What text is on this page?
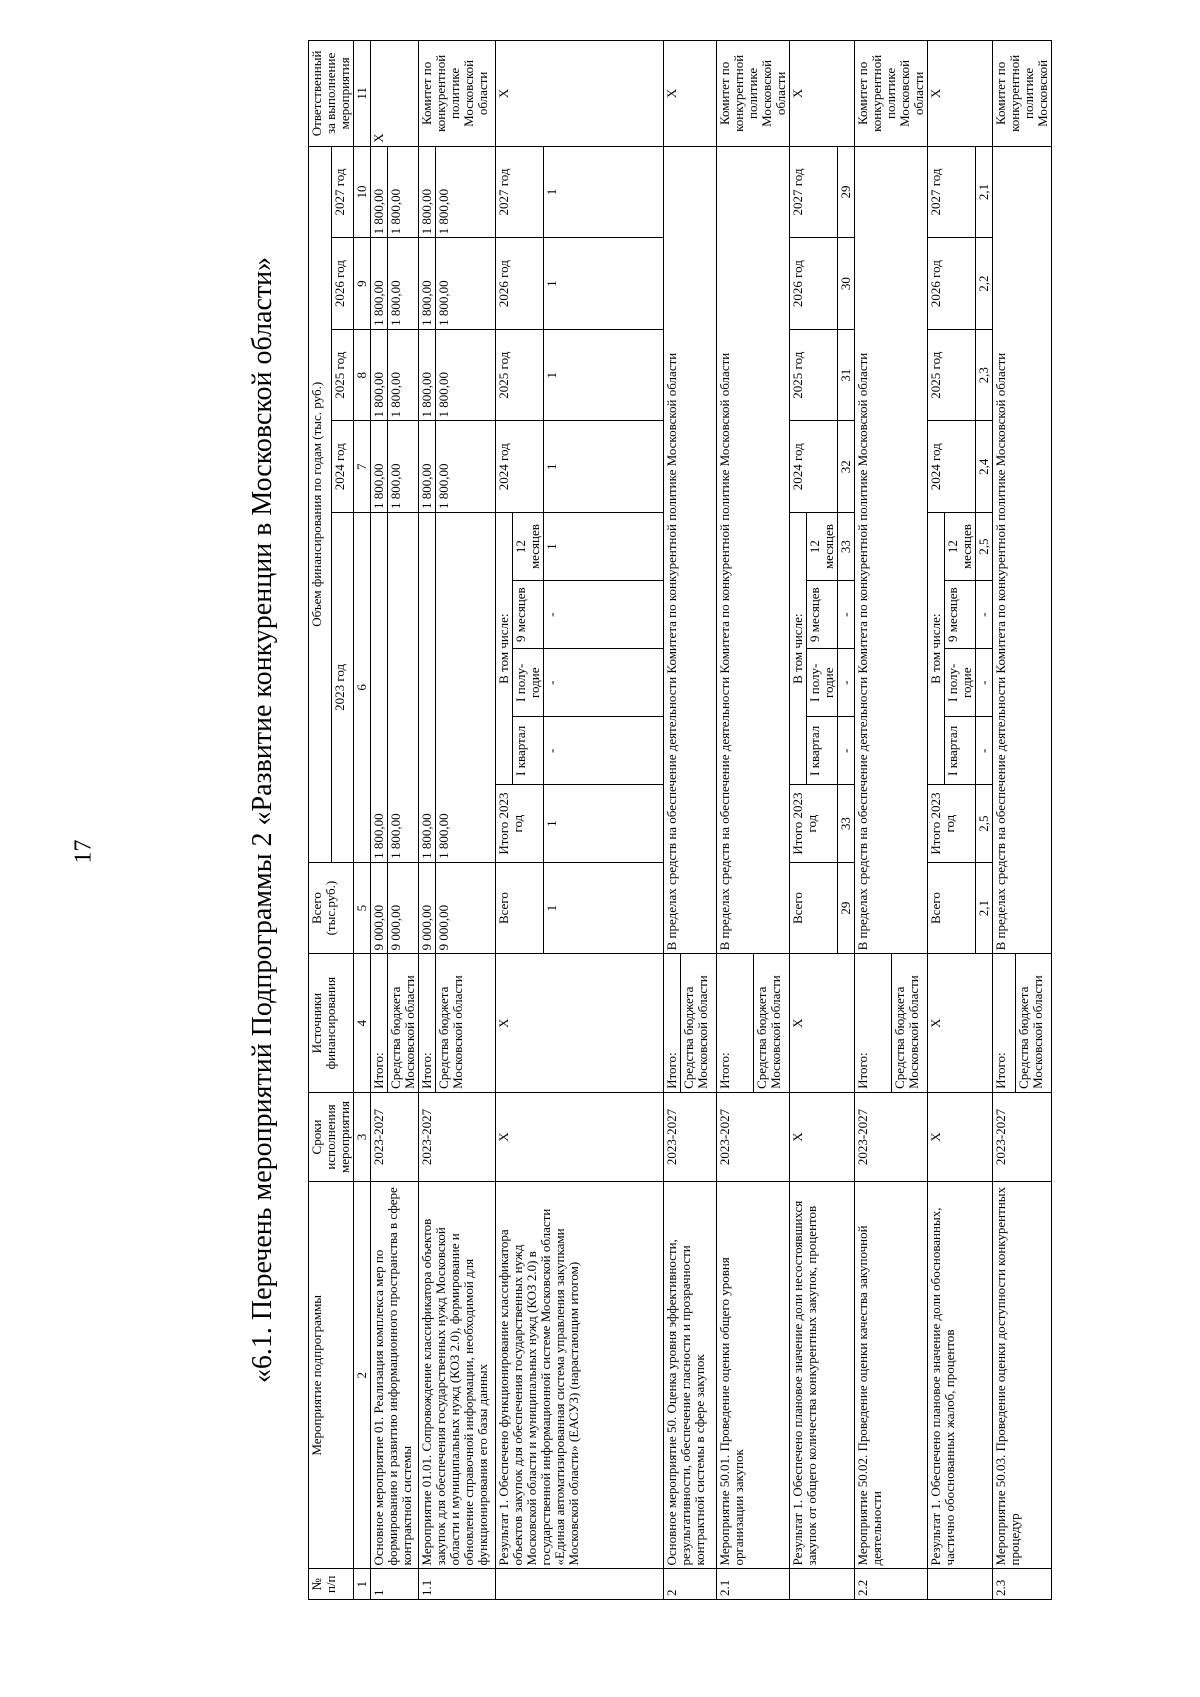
17	«6.1. Перечень мероприятий Подпрограммы 2 «Развитие конкуренции в Московской области»
№ п/п	Мероприятие подпрограммы	Сроки исполнения мероприятия	Источники финансирования	Всего (тыс.руб.)	Объем финансирования по годам (тыс. руб.)									Ответственный за выполнение мероприятия
					2023 год					2024 год	2025 год	2026 год	2027 год	
1	2	3	4	5	6					7	8	9	10	11
1	Основное мероприятие 01. Реализация комплекса мер по формированию и развитию информационного пространства в сфере контрактной системы	2023-2027	Итого:	9 000,00	1 800,00					1 800,00	1 800,00	1 800,00	1 800,00	X
			Средства бюджета Московской области	9 000,00	1 800,00					1 800,00	1 800,00	1 800,00	1 800,00	
1.1	Мероприятие 01.01. Сопровождение классификатора объектов закупок для обеспечения государственных нужд Московской области и муниципальных нужд (КОЗ 2.0), формирование и обновление справочной информации, необходимой для функционирования его базы данных	2023-2027	Итого:	9 000,00	1 800,00					1 800,00	1 800,00	1 800,00	1 800,00	Комитет по конкурентной политике Московской области
			Средства бюджета Московской области	9 000,00	1 800,00					1 800,00	1 800,00	1 800,00	1 800,00	
	Результат 1. Обеспечено функционирование классификатора объектов закупок для обеспечения государственных нужд Московской области и муниципальных нужд (КОЗ 2.0) в государственной информационной системе Московской области «Единая автоматизированная система управления закупками Московской области» (ЕАСУЗ) (нарастающим итогом)	X	X	Всего	Итого 2023 год	В том числе:				2024 год	2025 год	2026 год	2027 год	X
						I квартал	I полу-годие	9 месяцев	12 месяцев					
				1	1	-	-	-	1	1	1	1	1	
2	Основное мероприятие 50. Оценка уровня эффективности, результативности, обеспечение гласности и прозрачности контрактной системы в сфере закупок	2023-2027	Итого:	В пределах средств на обеспечение деятельности Комитета по конкурентной политике Московской области										X
			Средства бюджета Московской области											
2.1	Мероприятие 50.01. Проведение оценки общего уровня организации закупок	2023-2027	Итого:	В пределах средств на обеспечение деятельности Комитета по конкурентной политике Московской области										Комитет по конкурентной политике Московской области
			Средства бюджета Московской области											
	Результат 1. Обеспечено плановое значение доли несостоявшихся закупок от общего количества конкурентных закупок, процентов	X	X	Всего	Итого 2023 год	В том числе:				2024 год	2025 год	2026 год	2027 год	X
						I квартал	I полу-годие	9 месяцев	12 месяцев					
				29	33	-	-	-	33	32	31	30	29	
2.2	Мероприятие 50.02. Проведение оценки качества закупочной деятельности	2023-2027	Итого:	В пределах средств на обеспечение деятельности Комитета по конкурентной политике Московской области										Комитет по конкурентной политике Московской области
			Средства бюджета Московской области											
	Результат 1. Обеспечено плановое значение доли обоснованных, частично обоснованных жалоб, процентов	X	X	Всего	Итого 2023 год	В том числе:				2024 год	2025 год	2026 год	2027 год	X
						I квартал	I полу-годие	9 месяцев	12 месяцев					
				2,1	2,5	-	-	-	2,5	2,4	2,3	2,2	2,1	
2.3	Мероприятие 50.03. Проведение оценки доступности конкурентных процедур	2023-2027	Итого:	В пределах средств на обеспечение деятельности Комитета по конкурентной политике Московской области										Комитет по конкурентной политике Московской
			Средства бюджета Московской области											
